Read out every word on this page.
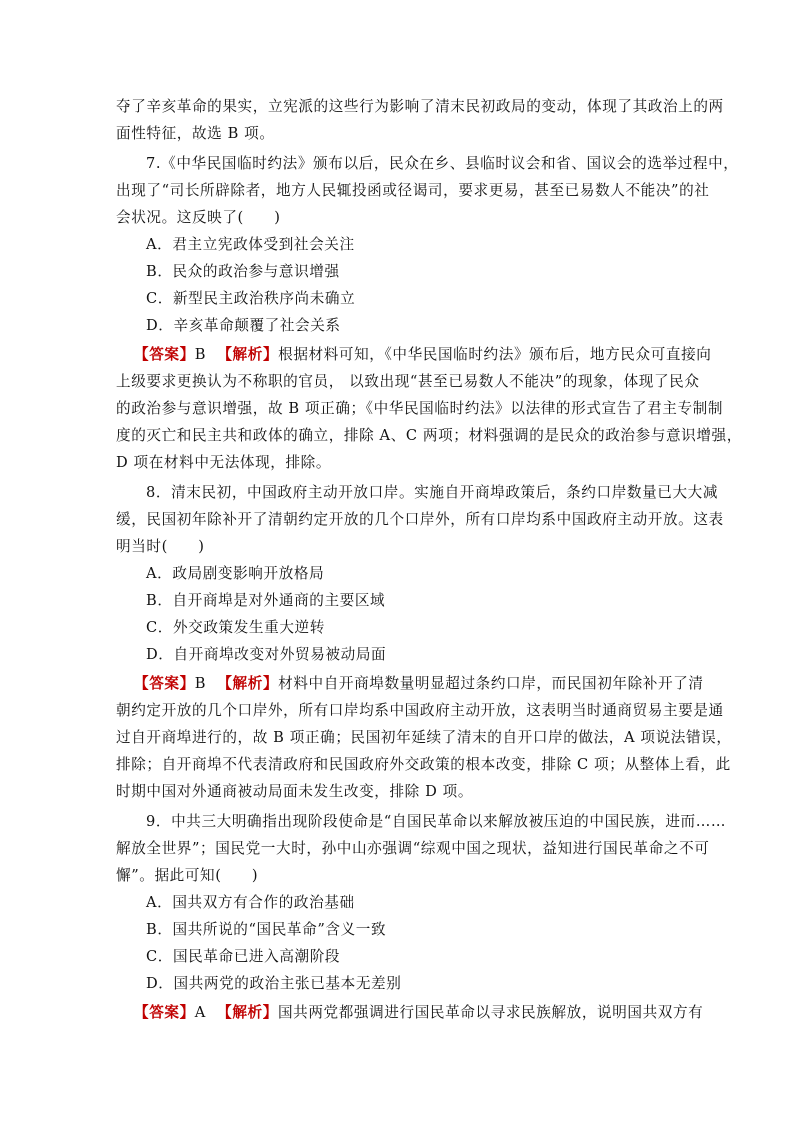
夺了辛亥革命的果实，立宪派的这些行为影响了清末民初政局的变动，体现了其政治上的两
面性特征，故选 B 项。
7.《中华民国临时约法》颁布以后，民众在乡、县临时议会和省、国议会的选举过程中，
出现了“司长所辟除者，地方人民辄投函或径谒司，要求更易，甚至已易数人不能决”的社
会状况。这反映了(　　)
A．君主立宪政体受到社会关注
B．民众的政治参与意识增强
C．新型民主政治秩序尚未确立
D．辛亥革命颠覆了社会关系
【答案】B 【解析】根据材料可知，《中华民国临时约法》颁布后，地方民众可直接向
上级要求更换认为不称职的官员， 以致出现“甚至已易数人不能决”的现象，体现了民众
的政治参与意识增强，故 B 项正确；《中华民国临时约法》以法律的形式宣告了君主专制制
度的灭亡和民主共和政体的确立，排除 A、C 两项；材料强调的是民众的政治参与意识增强，
D 项在材料中无法体现，排除。
8．清末民初，中国政府主动开放口岸。实施自开商埠政策后，条约口岸数量已大大减
缓，民国初年除补开了清朝约定开放的几个口岸外，所有口岸均系中国政府主动开放。这表
明当时(　　)
A．政局剧变影响开放格局
B．自开商埠是对外通商的主要区域
C．外交政策发生重大逆转
D．自开商埠改变对外贸易被动局面
【答案】B 【解析】材料中自开商埠数量明显超过条约口岸，而民国初年除补开了清
朝约定开放的几个口岸外，所有口岸均系中国政府主动开放，这表明当时通商贸易主要是通
过自开商埠进行的，故 B 项正确；民国初年延续了清末的自开口岸的做法，A 项说法错误，
排除；自开商埠不代表清政府和民国政府外交政策的根本改变，排除 C 项；从整体上看，此
时期中国对外通商被动局面未发生改变，排除 D 项。
9．中共三大明确指出现阶段使命是“自国民革命以来解放被压迫的中国民族，进而……
解放全世界”；国民党一大时，孙中山亦强调“综观中国之现状，益知进行国民革命之不可
懈”。据此可知(　　)
A．国共双方有合作的政治基础
B．国共所说的“国民革命”含义一致
C．国民革命已进入高潮阶段
D．国共两党的政治主张已基本无差别
【答案】A 【解析】国共两党都强调进行国民革命以寻求民族解放，说明国共双方有
